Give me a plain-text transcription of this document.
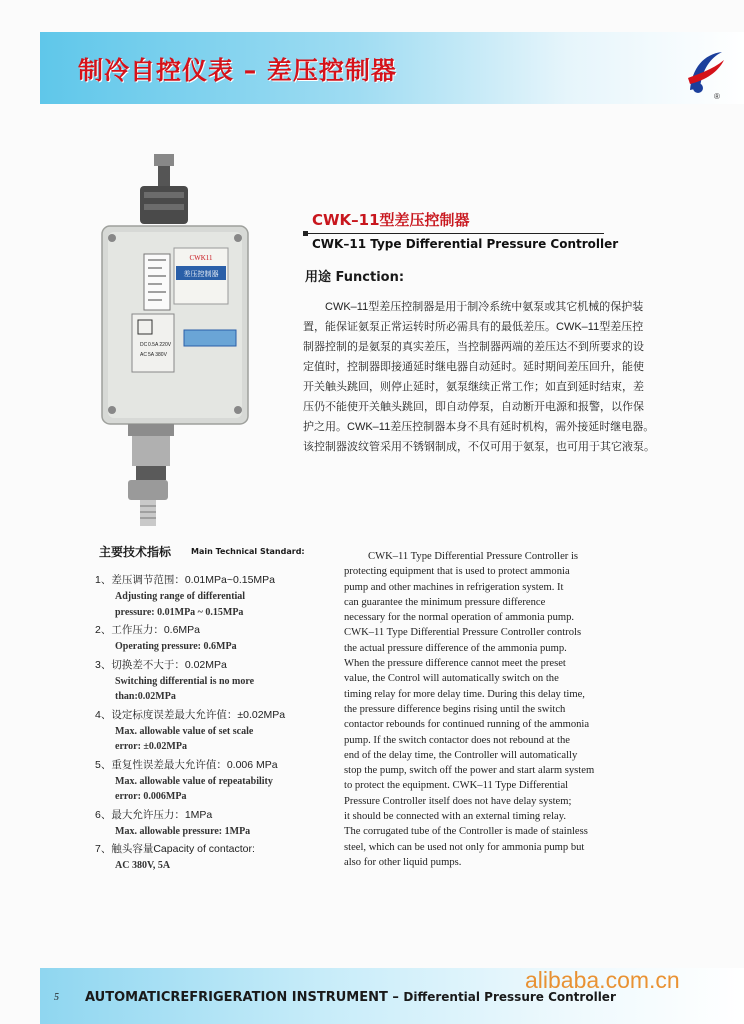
制冷自控仪表 – 差压控制器
®
CWK11
差压控制器
DC 0.5A 220V
AC 5A 380V
CWK–11型差压控制器
CWK–11 Type Differential Pressure Controller
用途 Function:
CWK–11型差压控制器是用于制冷系统中氨泵或其它机械的保护装
置，能保证氨泵正常运转时所必需具有的最低差压。CWK–11型差压控
制器控制的是氨泵的真实差压，当控制器两端的差压达不到所要求的设
定值时，控制器即接通延时继电器自动延时。延时期间差压回升，能使
开关触头跳回，则停止延时，氨泵继续正常工作；如直到延时结束，差
压仍不能使开关触头跳回，即自动停泵，自动断开电源和报警，以作保
护之用。CWK–11差压控制器本身不具有延时机构，需外接延时继电器。
该控制器波纹管采用不锈钢制成，不仅可用于氨泵，也可用于其它液泵。
主要技术指标 Main Technical Standard:
1、差压调节范围：0.01MPa~0.15MPa
Adjusting range of differential
pressure: 0.01MPa ~ 0.15MPa
2、工作压力：0.6MPa
Operating pressure: 0.6MPa
3、切换差不大于：0.02MPa
Switching differential is no more
than:0.02MPa
4、设定标度误差最大允许值：±0.02MPa
Max. allowable value of set scale
error: ±0.02MPa
5、重复性误差最大允许值：0.006 MPa
Max. allowable value of repeatability
error: 0.006MPa
6、最大允许压力：1MPa
Max. allowable pressure: 1MPa
7、触头容量Capacity of contactor:
AC 380V, 5A
CWK–11 Type Differential Pressure Controller is
protecting equipment that is used to protect ammonia
pump and other machines in refrigeration system. It
can guarantee the minimum pressure difference
necessary for the normal operation of ammonia pump.
CWK–11 Type Differential Pressure Controller controls
the actual pressure difference of the ammonia pump.
When the pressure difference cannot meet the preset
value, the Control will automatically switch on the
timing relay for more delay time. During this delay time,
the pressure difference begins rising until the switch
contactor rebounds for continued running of the ammonia
pump. If the switch contactor does not rebound at the
end of the delay time, the Controller will automatically
stop the pump, switch off the power and start alarm system
to protect the equipment. CWK–11 Type Differential
Pressure Controller itself does not have delay system;
it should be connected with an external timing relay.
The corrugated tube of the Controller is made of stainless
steel, which can be used not only for ammonia pump but
also for other liquid pumps.
5 AUTOMATICREFRIGERATION INSTRUMENT – Differential Pressure Controller
alibaba.com.cn
